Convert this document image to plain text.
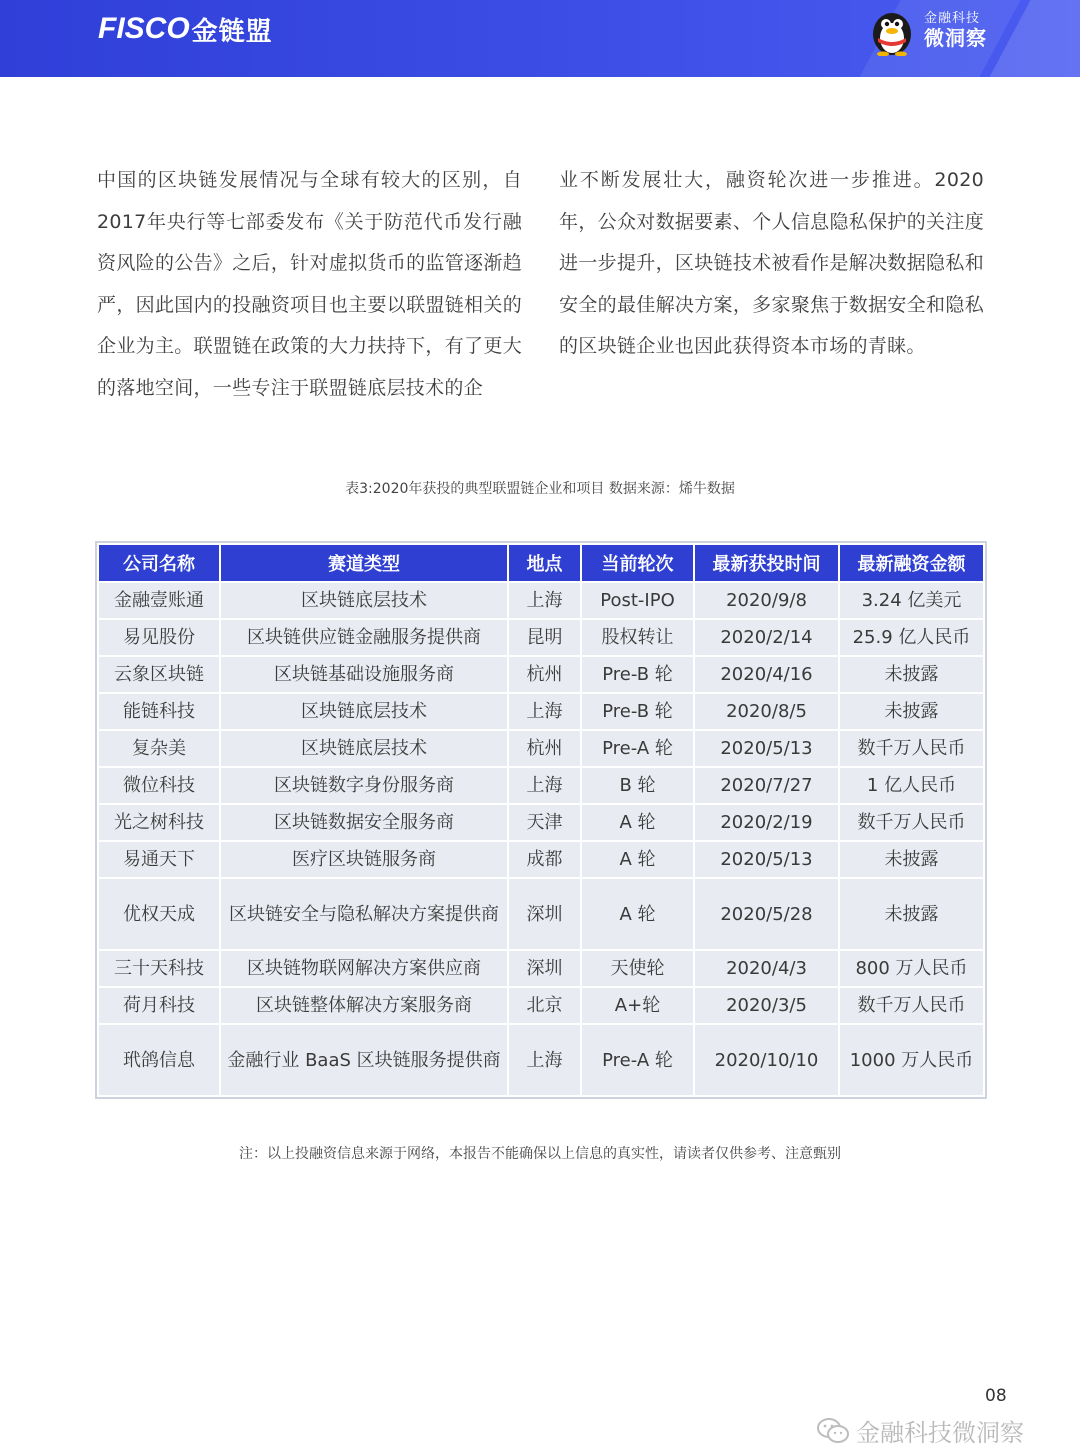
FISCO 金链盟	金融科技
微洞察
中国的区块链发展情况与全球有较大的区别，自2017年央行等七部委发布《关于防范代币发行融资风险的公告》之后，针对虚拟货币的监管逐渐趋严，因此国内的投融资项目也主要以联盟链相关的企业为主。联盟链在政策的大力扶持下，有了更大的落地空间，一些专注于联盟链底层技术的企
业不断发展壮大，融资轮次进一步推进。2020年，公众对数据要素、个人信息隐私保护的关注度进一步提升，区块链技术被看作是解决数据隐私和安全的最佳解决方案，多家聚焦于数据安全和隐私的区块链企业也因此获得资本市场的青睐。
表3:2020年获投的典型联盟链企业和项目 数据来源：烯牛数据
公司名称	赛道类型	地点	当前轮次	最新获投时间	最新融资金额
金融壹账通	区块链底层技术	上海	Post-IPO	2020/9/8	3.24 亿美元
易见股份	区块链供应链金融服务提供商	昆明	股权转让	2020/2/14	25.9 亿人民币
云象区块链	区块链基础设施服务商	杭州	Pre-B 轮	2020/4/16	未披露
能链科技	区块链底层技术	上海	Pre-B 轮	2020/8/5	未披露
复杂美	区块链底层技术	杭州	Pre-A 轮	2020/5/13	数千万人民币
微位科技	区块链数字身份服务商	上海	B 轮	2020/7/27	1 亿人民币
光之树科技	区块链数据安全服务商	天津	A 轮	2020/2/19	数千万人民币
易通天下	医疗区块链服务商	成都	A 轮	2020/5/13	未披露
优权天成	区块链安全与隐私解决方案提供商	深圳	A 轮	2020/5/28	未披露
三十天科技	区块链物联网解决方案供应商	深圳	天使轮	2020/4/3	800 万人民币
荷月科技	区块链整体解决方案服务商	北京	A+轮	2020/3/5	数千万人民币
玳鸽信息	金融行业 BaaS 区块链服务提供商	上海	Pre-A 轮	2020/10/10	1000 万人民币
注：以上投融资信息来源于网络，本报告不能确保以上信息的真实性，请读者仅供参考、注意甄别
08
金融科技微洞察
